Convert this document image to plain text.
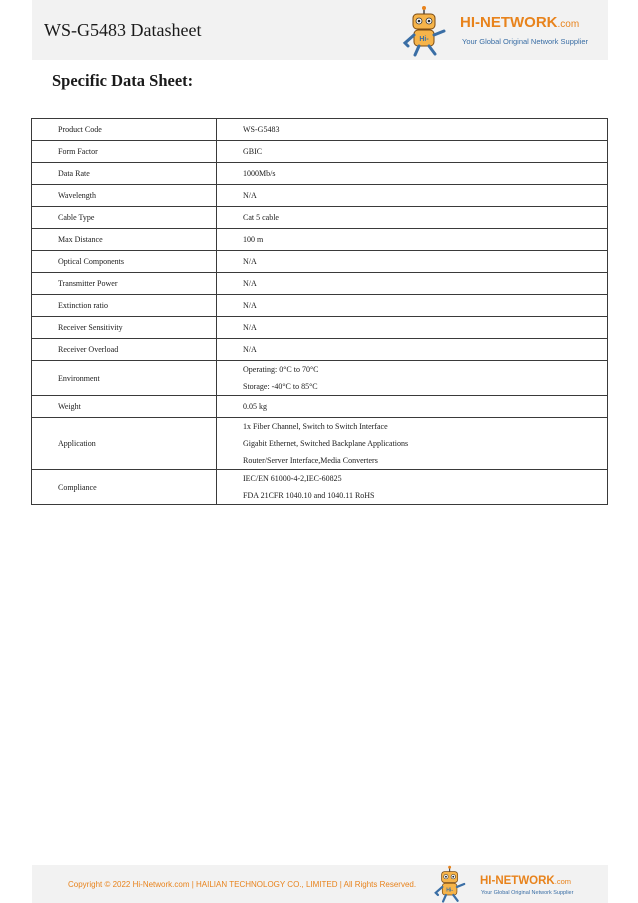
WS-G5483 Datasheet	Hi-
HI-NETWORK.com
Your Global Original Network Supplier
Specific Data Sheet:
Product Code	WS-G5483

Form Factor	GBIC

Data Rate	1000Mb/s

Wavelength	N/A

Cable Type	Cat 5 cable

Max Distance	100 m

Optical Components	N/A

Transmitter Power	N/A

Extinction ratio	N/A

Receiver Sensitivity	N/A

Receiver Overload	N/A

Environment	Operating: 0°C to 70°C
Storage: -40°C to 85°C

Weight	0.05 kg

Application	1x Fiber Channel, Switch to Switch Interface
Gigabit Ethernet, Switched Backplane Applications
Router/Server Interface,Media Converters

Compliance	IEC/EN 61000-4-2,IEC-60825
FDA 21CFR 1040.10 and 1040.11 RoHS
Copyright © 2022 Hi-Network.com | HAILIAN TECHNOLOGY CO., LIMITED | All Rights Reserved.
Hi-
HI-NETWORK.com
Your Global Original Network Supplier
